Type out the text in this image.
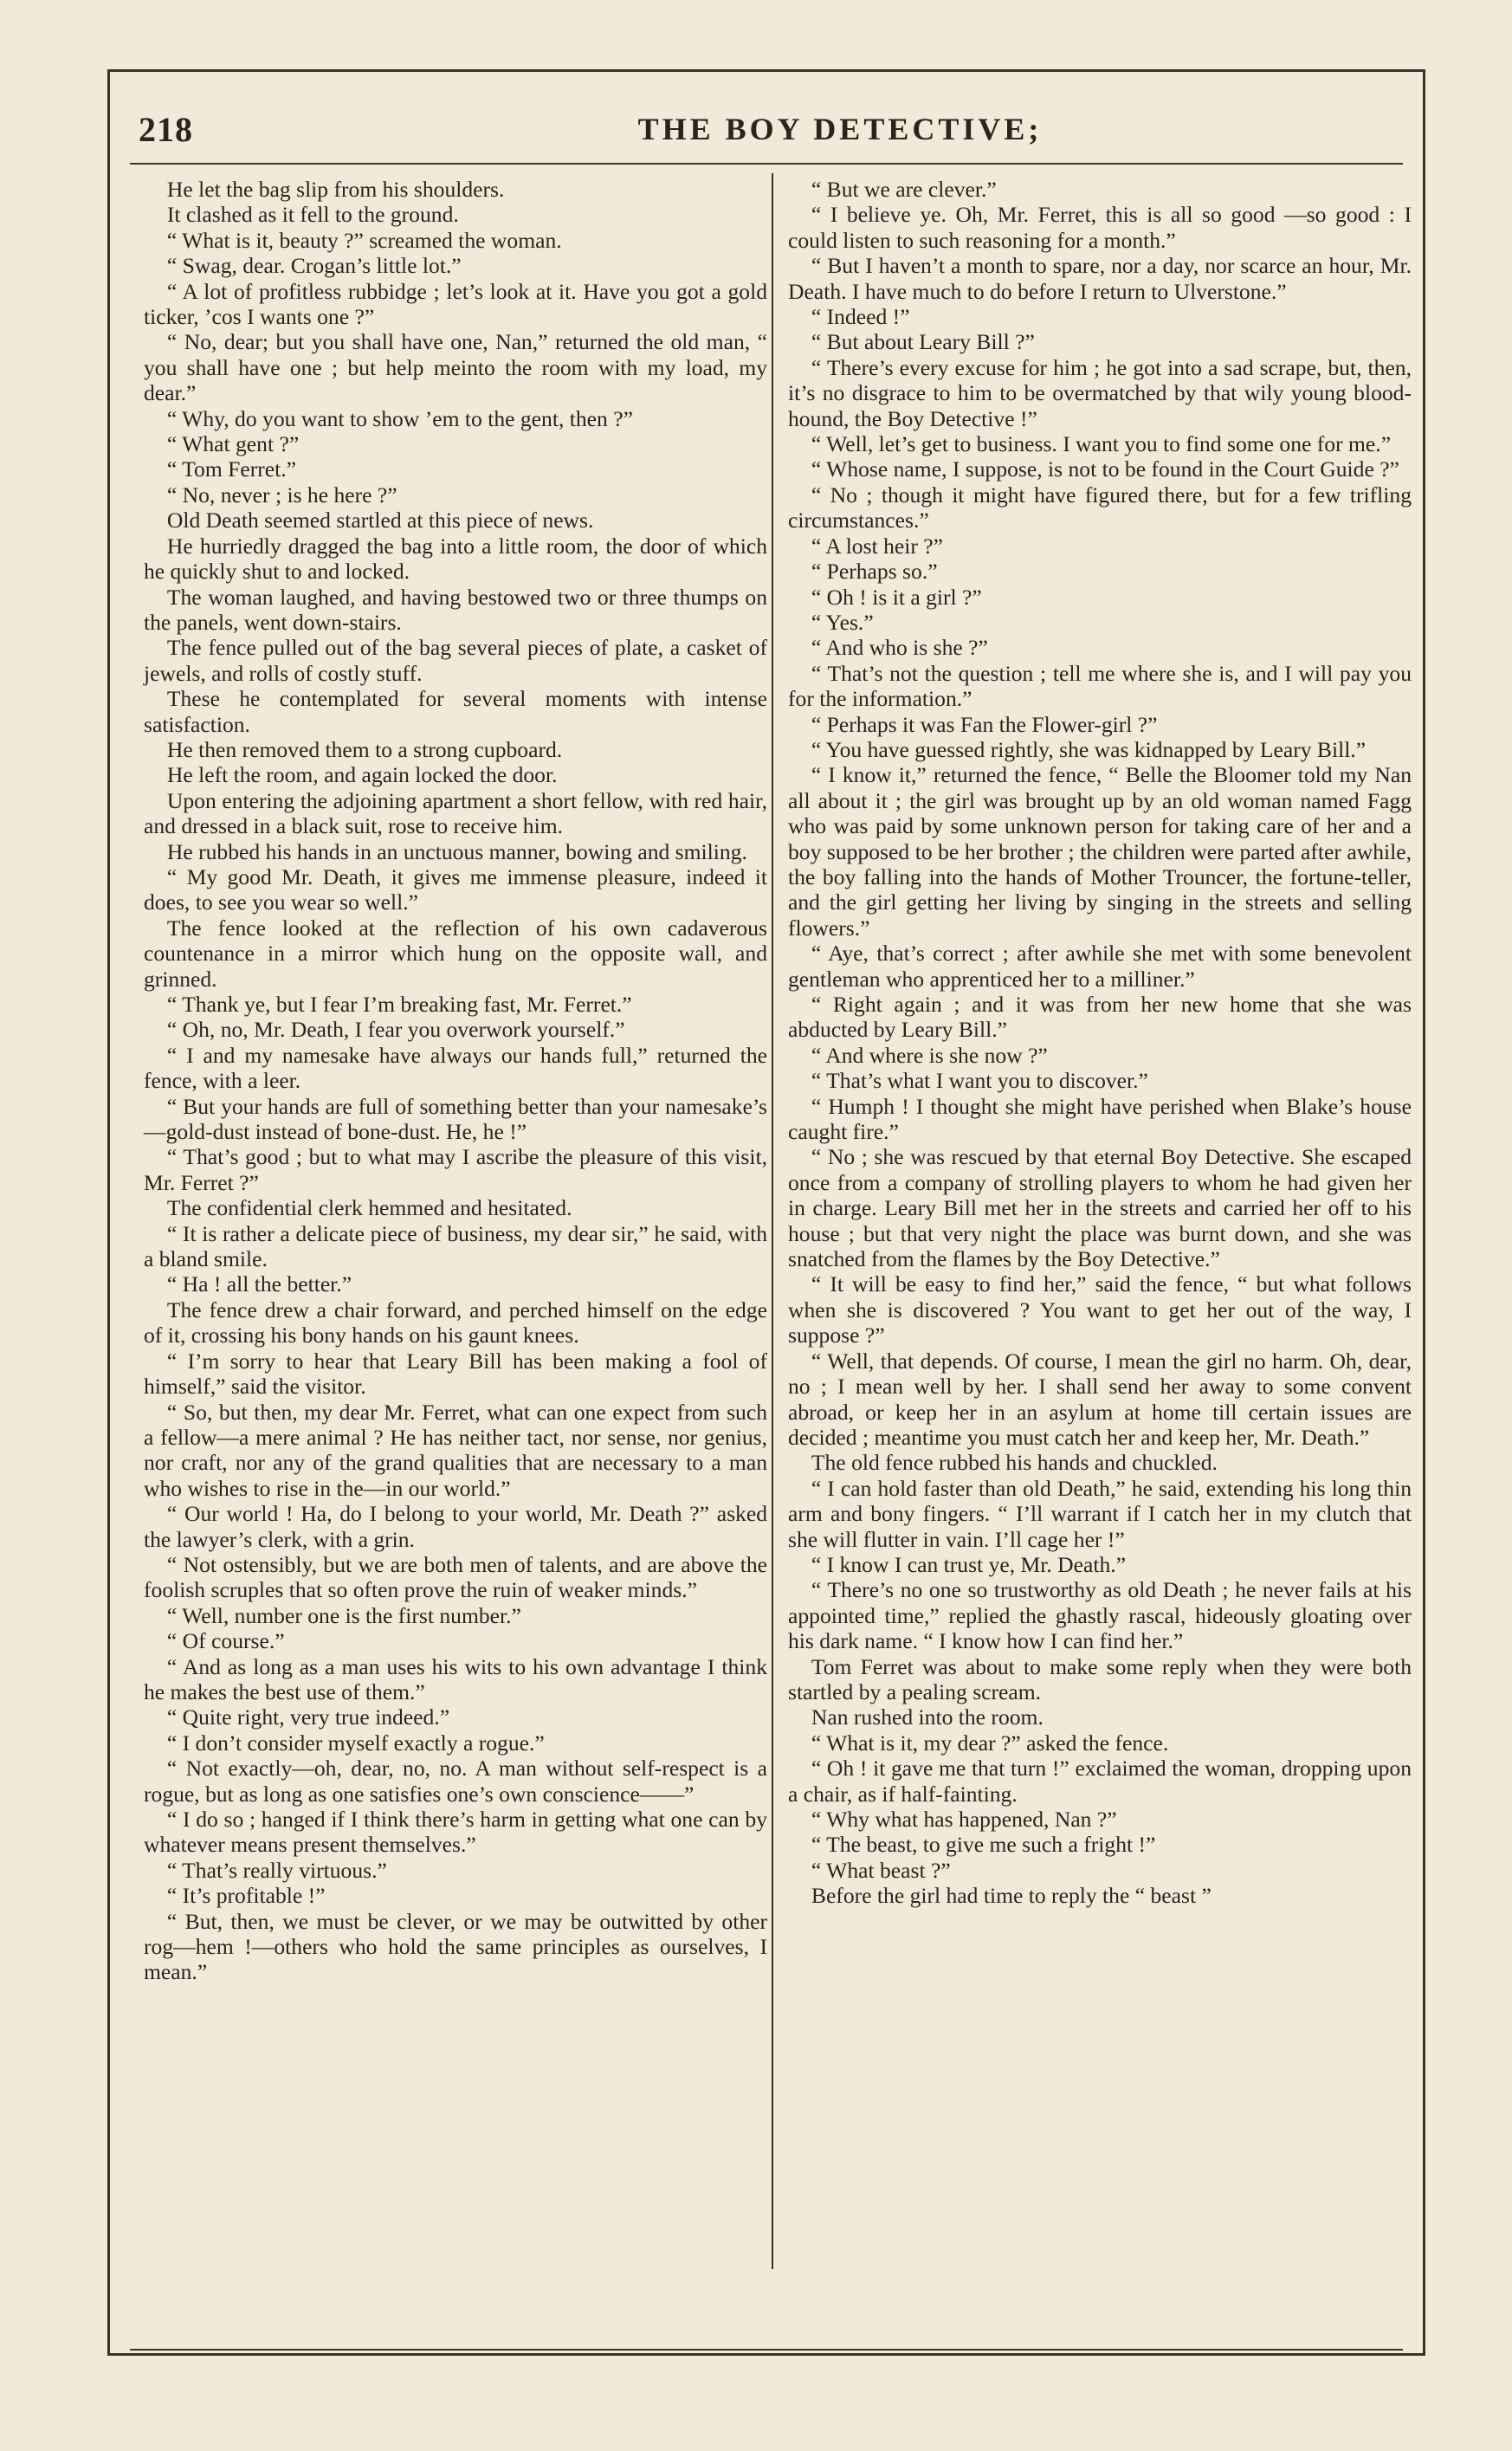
218	THE BOY DETECTIVE;

He let the bag slip from his shoulders.

It clashed as it fell to the ground.

“ What is it, beauty ?” screamed the woman.

“ Swag, dear. Crogan’s little lot.”

“ A lot of profitless rubbidge ; let’s look at it. Have you got a gold ticker, ’cos I wants one ?”

“ No, dear; but you shall have one, Nan,” returned the old man, “ you shall have one ; but help meinto the room with my load, my dear.”

“ Why, do you want to show ’em to the gent, then ?”

“ What gent ?”

“ Tom Ferret.”

“ No, never ; is he here ?”

Old Death seemed startled at this piece of news.

He hurriedly dragged the bag into a little room, the door of which he quickly shut to and locked.

The woman laughed, and having bestowed two or three thumps on the panels, went down-stairs.

The fence pulled out of the bag several pieces of plate, a casket of jewels, and rolls of costly stuff.

These he contemplated for several moments with intense satisfaction.

He then removed them to a strong cupboard.

He left the room, and again locked the door.

Upon entering the adjoining apartment a short fellow, with red hair, and dressed in a black suit, rose to receive him.

He rubbed his hands in an unctuous manner, bowing and smiling.

“ My good Mr. Death, it gives me immense pleasure, indeed it does, to see you wear so well.”

The fence looked at the reflection of his own cadaverous countenance in a mirror which hung on the opposite wall, and grinned.

“ Thank ye, but I fear I’m breaking fast, Mr. Ferret.”

“ Oh, no, Mr. Death, I fear you overwork yourself.”

“ I and my namesake have always our hands full,” returned the fence, with a leer.

“ But your hands are full of something better than your namesake’s—gold-dust instead of bone-dust. He, he !”

“ That’s good ; but to what may I ascribe the pleasure of this visit, Mr. Ferret ?”

The confidential clerk hemmed and hesitated.

“ It is rather a delicate piece of business, my dear sir,” he said, with a bland smile.

“ Ha ! all the better.”

The fence drew a chair forward, and perched himself on the edge of it, crossing his bony hands on his gaunt knees.

“ I’m sorry to hear that Leary Bill has been making a fool of himself,” said the visitor.

“ So, but then, my dear Mr. Ferret, what can one expect from such a fellow—a mere animal ? He has neither tact, nor sense, nor genius, nor craft, nor any of the grand qualities that are necessary to a man who wishes to rise in the—in our world.”

“ Our world ! Ha, do I belong to your world, Mr. Death ?” asked the lawyer’s clerk, with a grin.

“ Not ostensibly, but we are both men of talents, and are above the foolish scruples that so often prove the ruin of weaker minds.”

“ Well, number one is the first number.”

“ Of course.”

“ And as long as a man uses his wits to his own advantage I think he makes the best use of them.”

“ Quite right, very true indeed.”

“ I don’t consider myself exactly a rogue.”

“ Not exactly—oh, dear, no, no. A man without self-respect is a rogue, but as long as one satisfies one’s own conscience——”

“ I do so ; hanged if I think there’s harm in getting what one can by whatever means present themselves.”

“ That’s really virtuous.”

“ It’s profitable !”

“ But, then, we must be clever, or we may be outwitted by other rog—hem !—others who hold the same principles as ourselves, I mean.”

“ But we are clever.”

“ I believe ye. Oh, Mr. Ferret, this is all so good —so good : I could listen to such reasoning for a month.”

“ But I haven’t a month to spare, nor a day, nor scarce an hour, Mr. Death. I have much to do before I return to Ulverstone.”

“ Indeed !”

“ But about Leary Bill ?”

“ There’s every excuse for him ; he got into a sad scrape, but, then, it’s no disgrace to him to be overmatched by that wily young blood-hound, the Boy Detective !”

“ Well, let’s get to business. I want you to find some one for me.”

“ Whose name, I suppose, is not to be found in the Court Guide ?”

“ No ; though it might have figured there, but for a few trifling circumstances.”

“ A lost heir ?”

“ Perhaps so.”

“ Oh ! is it a girl ?”

“ Yes.”

“ And who is she ?”

“ That’s not the question ; tell me where she is, and I will pay you for the information.”

“ Perhaps it was Fan the Flower-girl ?”

“ You have guessed rightly, she was kidnapped by Leary Bill.”

“ I know it,” returned the fence, “ Belle the Bloomer told my Nan all about it ; the girl was brought up by an old woman named Fagg who was paid by some unknown person for taking care of her and a boy supposed to be her brother ; the children were parted after awhile, the boy falling into the hands of Mother Trouncer, the fortune-teller, and the girl getting her living by singing in the streets and selling flowers.”

“ Aye, that’s correct ; after awhile she met with some benevolent gentleman who apprenticed her to a milliner.”

“ Right again ; and it was from her new home that she was abducted by Leary Bill.”

“ And where is she now ?”

“ That’s what I want you to discover.”

“ Humph ! I thought she might have perished when Blake’s house caught fire.”

“ No ; she was rescued by that eternal Boy Detective. She escaped once from a company of strolling players to whom he had given her in charge. Leary Bill met her in the streets and carried her off to his house ; but that very night the place was burnt down, and she was snatched from the flames by the Boy Detective.”

“ It will be easy to find her,” said the fence, “ but what follows when she is discovered ? You want to get her out of the way, I suppose ?”

“ Well, that depends. Of course, I mean the girl no harm. Oh, dear, no ; I mean well by her. I shall send her away to some convent abroad, or keep her in an asylum at home till certain issues are decided ; meantime you must catch her and keep her, Mr. Death.”

The old fence rubbed his hands and chuckled.

“ I can hold faster than old Death,” he said, extending his long thin arm and bony fingers. “ I’ll warrant if I catch her in my clutch that she will flutter in vain. I’ll cage her !”

“ I know I can trust ye, Mr. Death.”

“ There’s no one so trustworthy as old Death ; he never fails at his appointed time,” replied the ghastly rascal, hideously gloating over his dark name. “ I know how I can find her.”

Tom Ferret was about to make some reply when they were both startled by a pealing scream.

Nan rushed into the room.

“ What is it, my dear ?” asked the fence.

“ Oh ! it gave me that turn !” exclaimed the woman, dropping upon a chair, as if half-fainting.

“ Why what has happened, Nan ?”

“ The beast, to give me such a fright !”

“ What beast ?”

Before the girl had time to reply the “ beast ”
